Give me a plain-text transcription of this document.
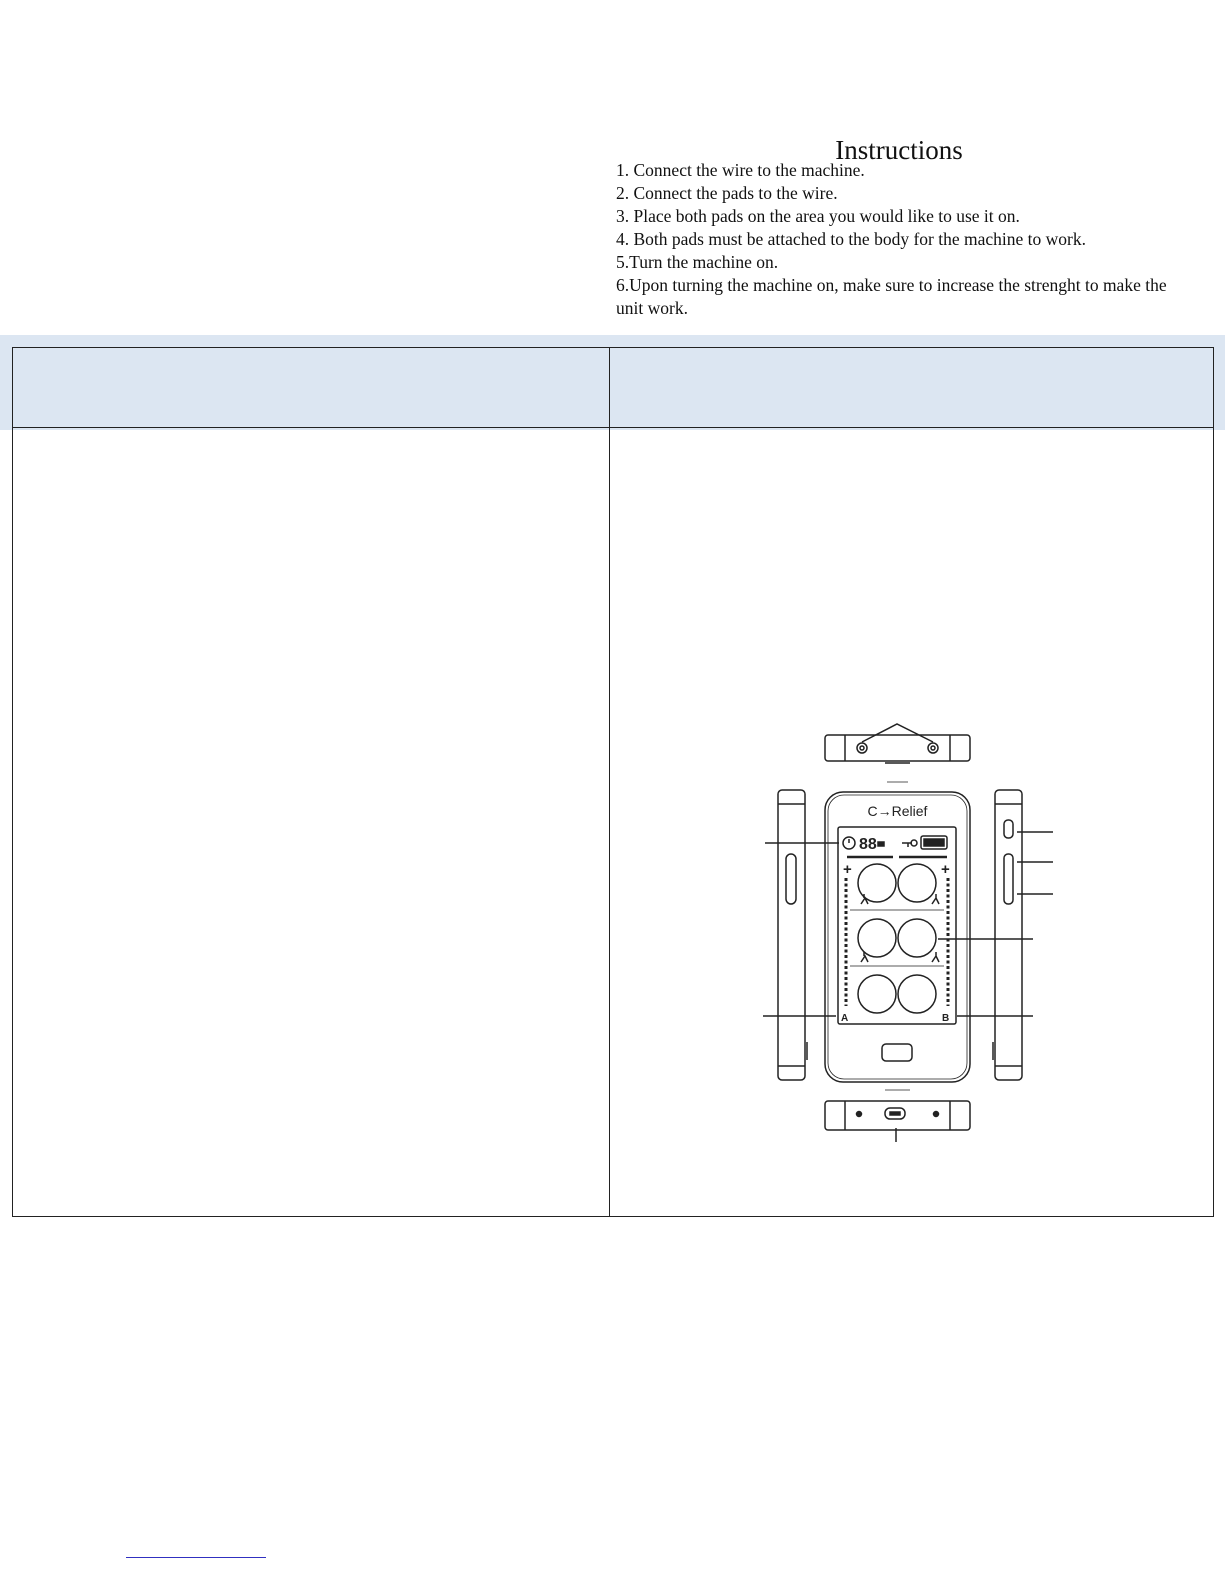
Instructions
1. Connect the wire to the machine.
2. Connect the pads to the wire.
3. Place both pads on the area you would like to use it on.
4. Both pads must be attached to the body for the machine to work.
5.Turn the machine on.
6.Upon turning the machine on, make sure to increase the strenght to make the unit work.
C→Relief
88
+	+
A	B
